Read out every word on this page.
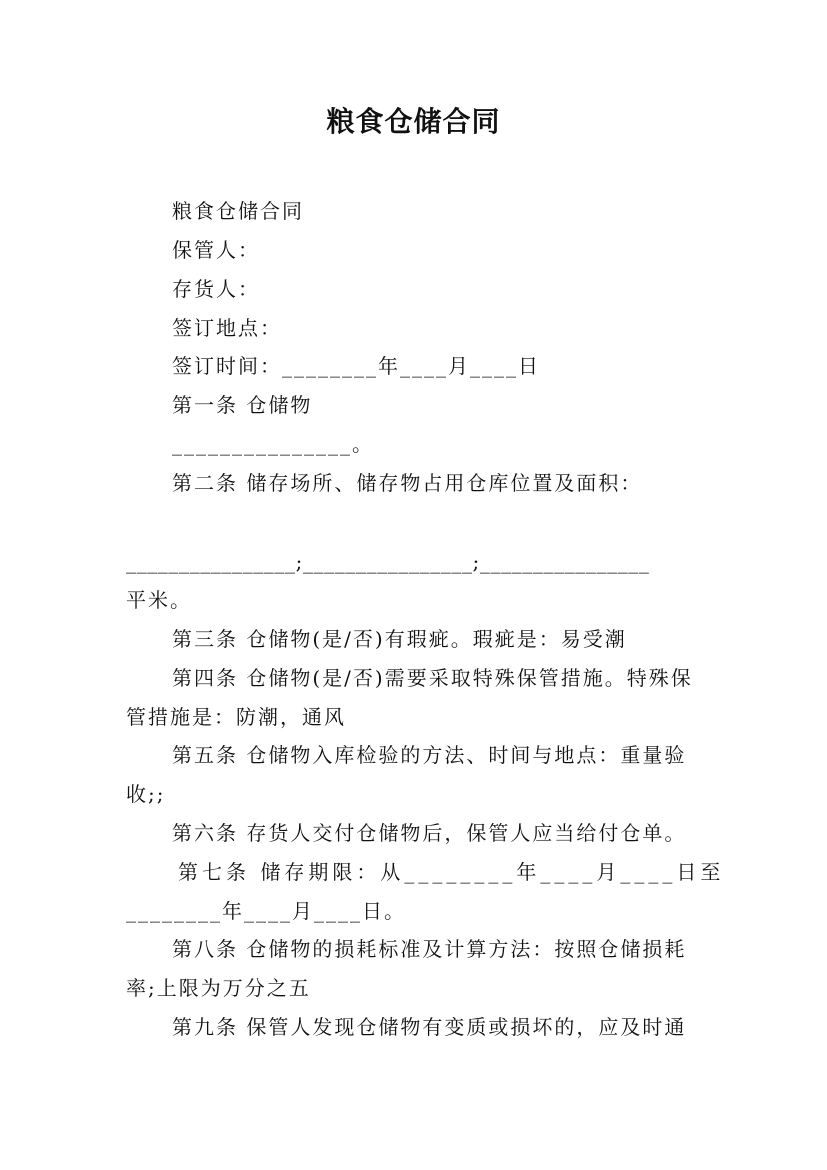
粮食仓储合同
粮食仓储合同
保管人：
存货人：
签订地点：
签订时间：________年____月____日
第一条 仓储物
_______________。
第二条 储存场所、储存物占用仓库位置及面积：
________________;________________;________________
平米。
第三条 仓储物(是/否)有瑕疵。瑕疵是：易受潮
第四条 仓储物(是/否)需要采取特殊保管措施。特殊保
管措施是：防潮，通风
第五条 仓储物入库检验的方法、时间与地点：重量验
收;;
第六条 存货人交付仓储物后，保管人应当给付仓单。
第七条 储存期限：从________年____月____日至
________年____月____日。
第八条 仓储物的损耗标准及计算方法：按照仓储损耗
率;上限为万分之五
第九条 保管人发现仓储物有变质或损坏的，应及时通
